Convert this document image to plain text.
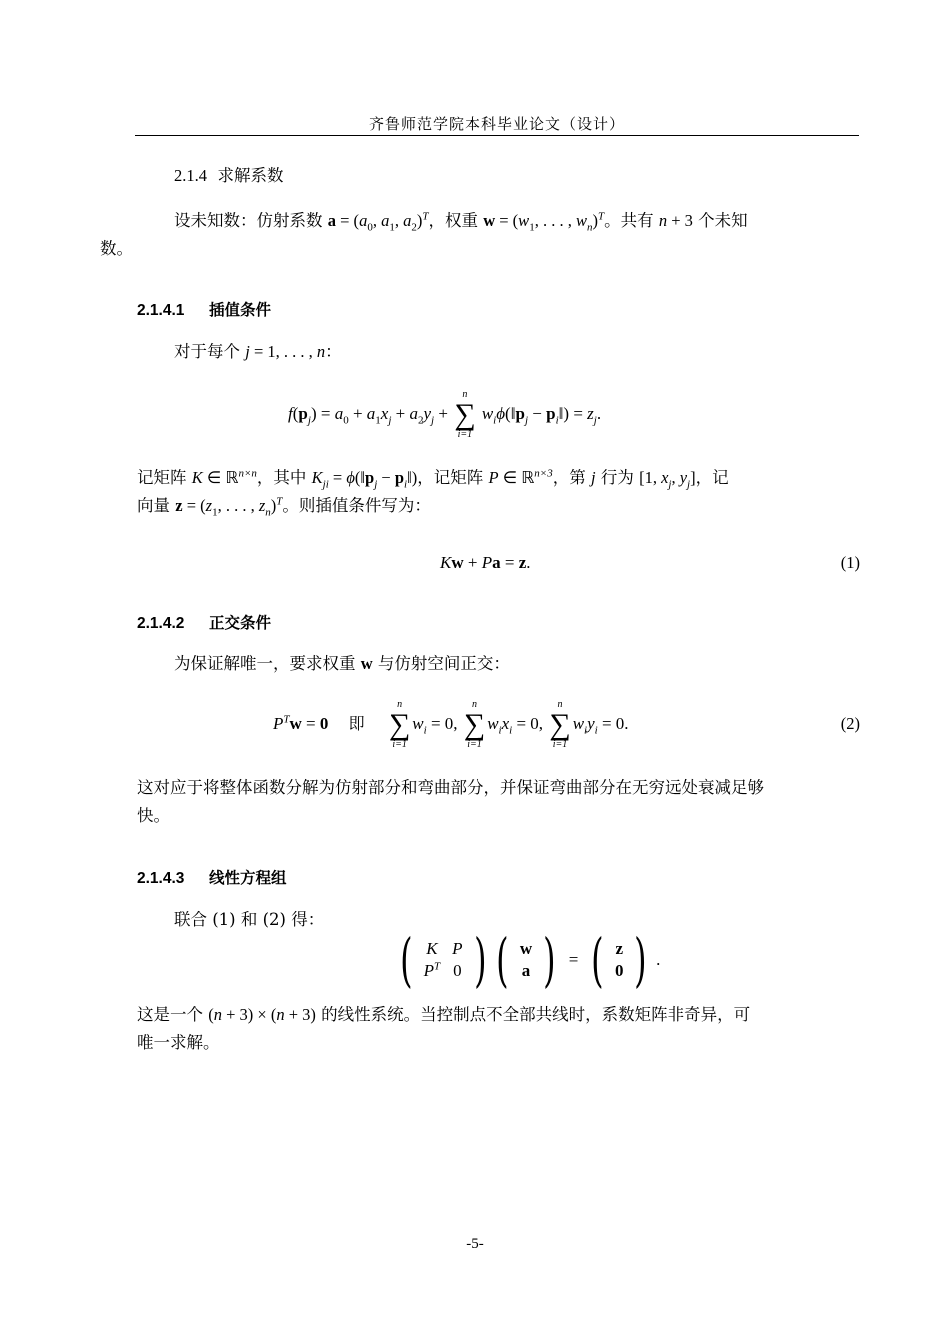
齐鲁师范学院本科毕业论文（设计）
2.1.4 求解系数
设未知数：仿射系数 $a = (a_0$, $a_1$, $a_2)^T$，权重 $w = (w_1$, . . . , $w_n)^T$。共有 n + 3 个未知
数。
2.1.4.1 插值条件
对于每个 j = 1, . . . , n：
$f(p_j) = a_0 + a_1x_j + a_2y_j$ +
n
∑
i=1
$w_i\phi(‖p_j$ − $p_i‖) = z_j$.
记矩阵 K ∈ ℝ$^{n\times n}$，其中 $K_{ji}$ = $\phi(‖p_j$ − $p_i‖$)，记矩阵 P ∈ ℝ$^{n\times 3}$，第 j 行为 [1, $x_j$, $y_j$]，记
向量 $z = (z_1$, . . . , $z_n)^T$。则插值条件写为：
Kw + Pa = z.	(1)
2.1.4.2 正交条件
为保证解唯一，要求权重 w 与仿射空间正交：
$P^Tw = 0$ 即
n
∑
i=1
$w_i = 0$,
n
∑
i=1
$w_ix_i = 0$,
n
∑
i=1
$w_iy_i = 0$.	(2)
这对应于将整体函数分解为仿射部分和弯曲部分，并保证弯曲部分在无穷远处衰减足够
快。
2.1.4.3 线性方程组
联合 (1) 和 (2) 得：
( K	P
$P^T$	0 ) ( w
a ) = ( z
0 ) .
这是一个 (n + 3) × (n + 3) 的线性系统。当控制点不全部共线时，系数矩阵非奇异，可
唯一求解。
-5-
